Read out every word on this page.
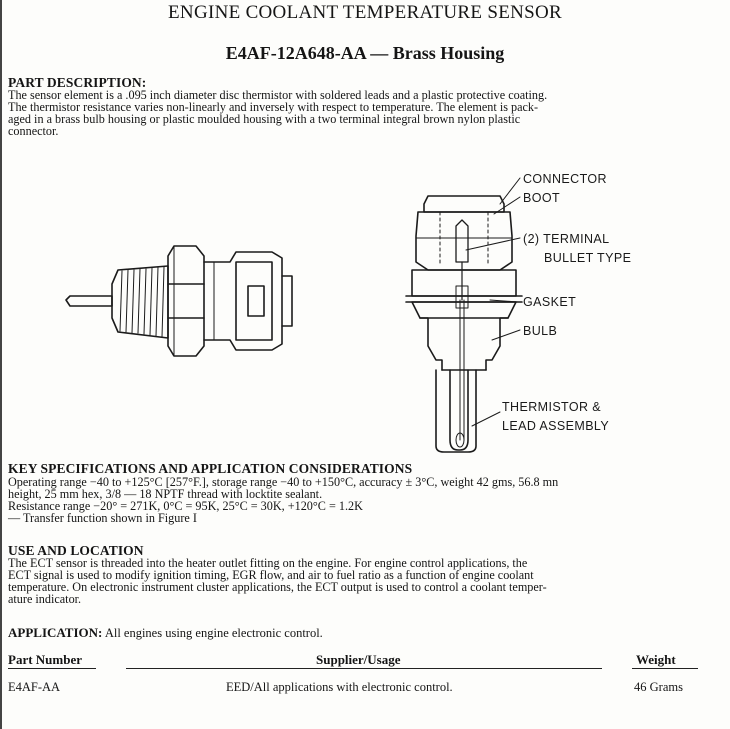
ENGINE COOLANT TEMPERATURE SENSOR
E4AF-12A648-AA — Brass Housing
PART DESCRIPTION:
The sensor element is a .095 inch diameter disc thermistor with soldered leads and a plastic protective coating.
The thermistor resistance varies non-linearly and inversely with respect to temperature. The element is pack-
aged in a brass bulb housing or plastic moulded housing with a two terminal integral brown nylon plastic
connector.
CONNECTOR
BOOT
(2) TERMINAL
BULLET TYPE
GASKET
BULB
THERMISTOR &
LEAD ASSEMBLY
KEY SPECIFICATIONS AND APPLICATION CONSIDERATIONS
Operating range −40 to +125°C [257°F.], storage range −40 to +150°C, accuracy ± 3°C, weight 42 gms, 56.8 mn
height, 25 mm hex, 3/8 — 18 NPTF thread with locktite sealant.
Resistance range −20° = 271K, 0°C = 95K, 25°C = 30K, +120°C = 1.2K
— Transfer function shown in Figure I
USE AND LOCATION
The ECT sensor is threaded into the heater outlet fitting on the engine. For engine control applications, the
ECT signal is used to modify ignition timing, EGR flow, and air to fuel ratio as a function of engine coolant
temperature. On electronic instrument cluster applications, the ECT output is used to control a coolant temper-
ature indicator.
APPLICATION: All engines using engine electronic control.
Part Number	Supplier/Usage	Weight
E4AF-AA	EED/All applications with electronic control.	46 Grams
